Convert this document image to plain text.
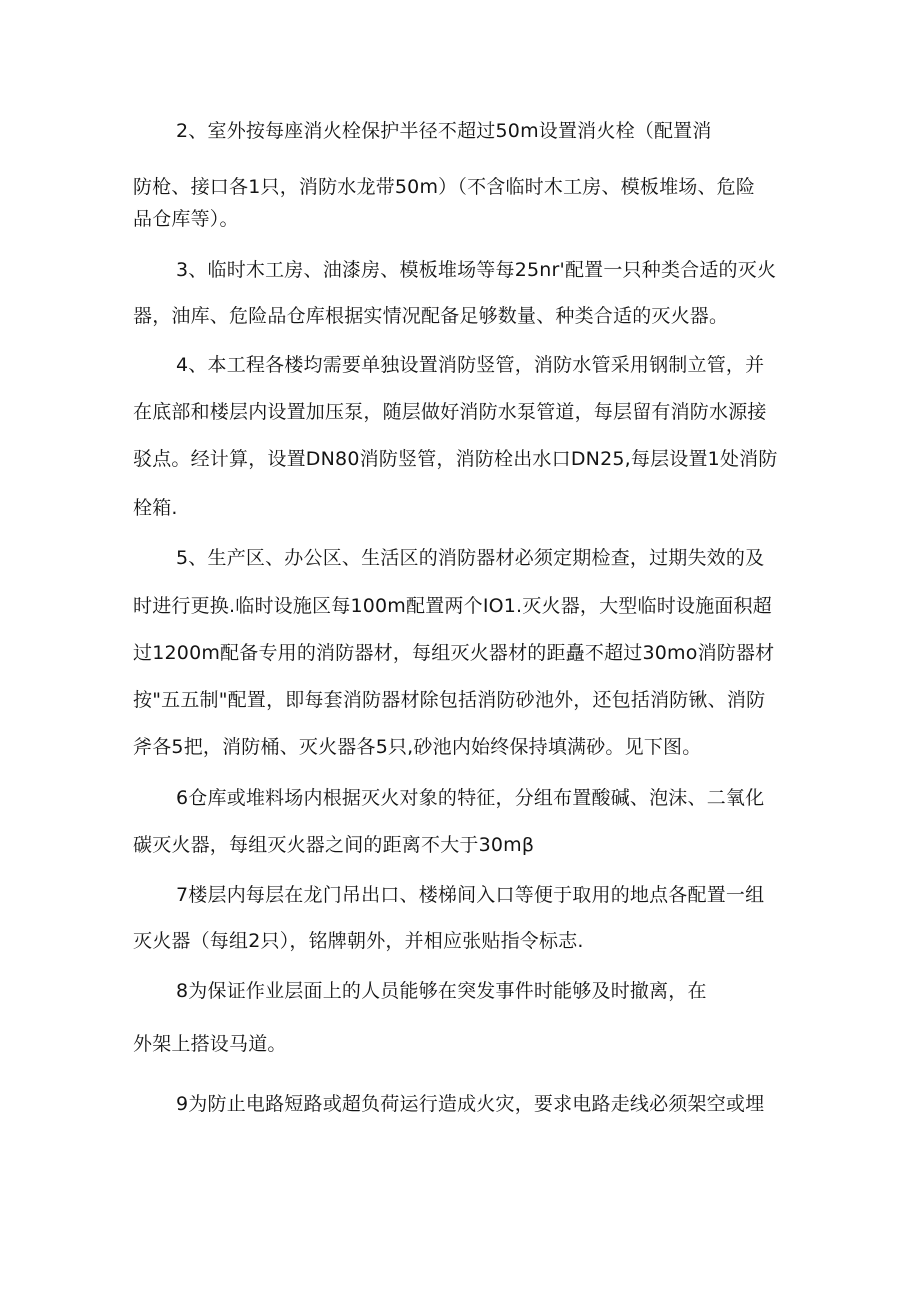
2、室外按每座消火栓保护半径不超过50m设置消火栓（配置消
防枪、接口各1只，消防水龙带50m）（不含临时木工房、模板堆场、危险
品仓库等）。
3、临时木工房、油漆房、模板堆场等每25nr'配置一只种类合适的灭火
器，油库、危险品仓库根据实情况配备足够数量、种类合适的灭火器。
4、本工程各楼均需要单独设置消防竖管，消防水管采用钢制立管，并
在底部和楼层内设置加压泵，随层做好消防水泵管道，每层留有消防水源接
驳点。经计算，设置DN80消防竖管，消防栓出水口DN25,每层设置1处消防
栓箱.
5、生产区、办公区、生活区的消防器材必须定期检查，过期失效的及
时进行更换.临时设施区每100m配置两个IO1.灭火器，大型临时设施面积超
过1200m配备专用的消防器材，每组灭火器材的距矗不超过30mo消防器材
按"五五制"配置，即每套消防器材除包括消防砂池外，还包括消防锹、消防
斧各5把，消防桶、灭火器各5只,砂池内始终保持填满砂。见下图。
6仓库或堆料场内根据灭火对象的特征，分组布置酸碱、泡沫、二氧化
碳灭火器，每组灭火器之间的距离不大于30mβ
7楼层内每层在龙门吊出口、楼梯间入口等便于取用的地点各配置一组
灭火器（每组2只），铭牌朝外，并相应张贴指令标志.
8为保证作业层面上的人员能够在突发事件时能够及时撤离，在
外架上搭设马道。
9为防止电路短路或超负荷运行造成火灾，要求电路走线必须架空或埋
